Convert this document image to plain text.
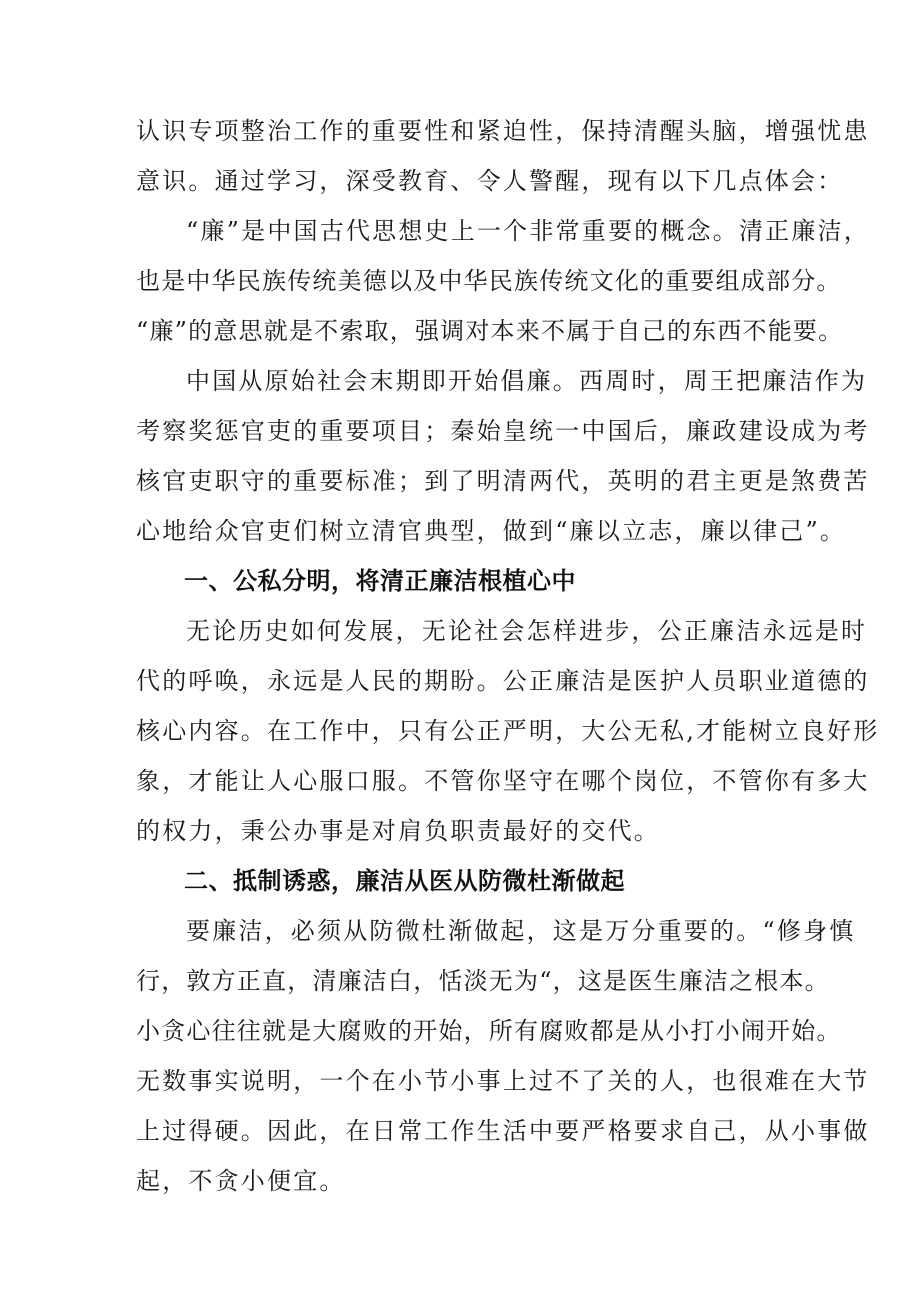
认识专项整治工作的重要性和紧迫性，保持清醒头脑，增强忧患
意识。通过学习，深受教育、令人警醒，现有以下几点体会：
“廉”是中国古代思想史上一个非常重要的概念。清正廉洁，
也是中华民族传统美德以及中华民族传统文化的重要组成部分。
“廉”的意思就是不索取，强调对本来不属于自己的东西不能要。
中国从原始社会末期即开始倡廉。西周时，周王把廉洁作为
考察奖惩官吏的重要项目；秦始皇统一中国后，廉政建设成为考
核官吏职守的重要标准；到了明清两代，英明的君主更是煞费苦
心地给众官吏们树立清官典型，做到“廉以立志，廉以律己”。
一、公私分明，将清正廉洁根植心中
无论历史如何发展，无论社会怎样进步，公正廉洁永远是时
代的呼唤，永远是人民的期盼。公正廉洁是医护人员职业道德的
核心内容。在工作中，只有公正严明，大公无私,才能树立良好形
象，才能让人心服口服。不管你坚守在哪个岗位，不管你有多大
的权力，秉公办事是对肩负职责最好的交代。
二、抵制诱惑，廉洁从医从防微杜渐做起
要廉洁，必须从防微杜渐做起，这是万分重要的。“修身慎
行，敦方正直，清廉洁白，恬淡无为“，这是医生廉洁之根本。
小贪心往往就是大腐败的开始，所有腐败都是从小打小闹开始。
无数事实说明，一个在小节小事上过不了关的人，也很难在大节
上过得硬。因此，在日常工作生活中要严格要求自己，从小事做
起，不贪小便宜。
